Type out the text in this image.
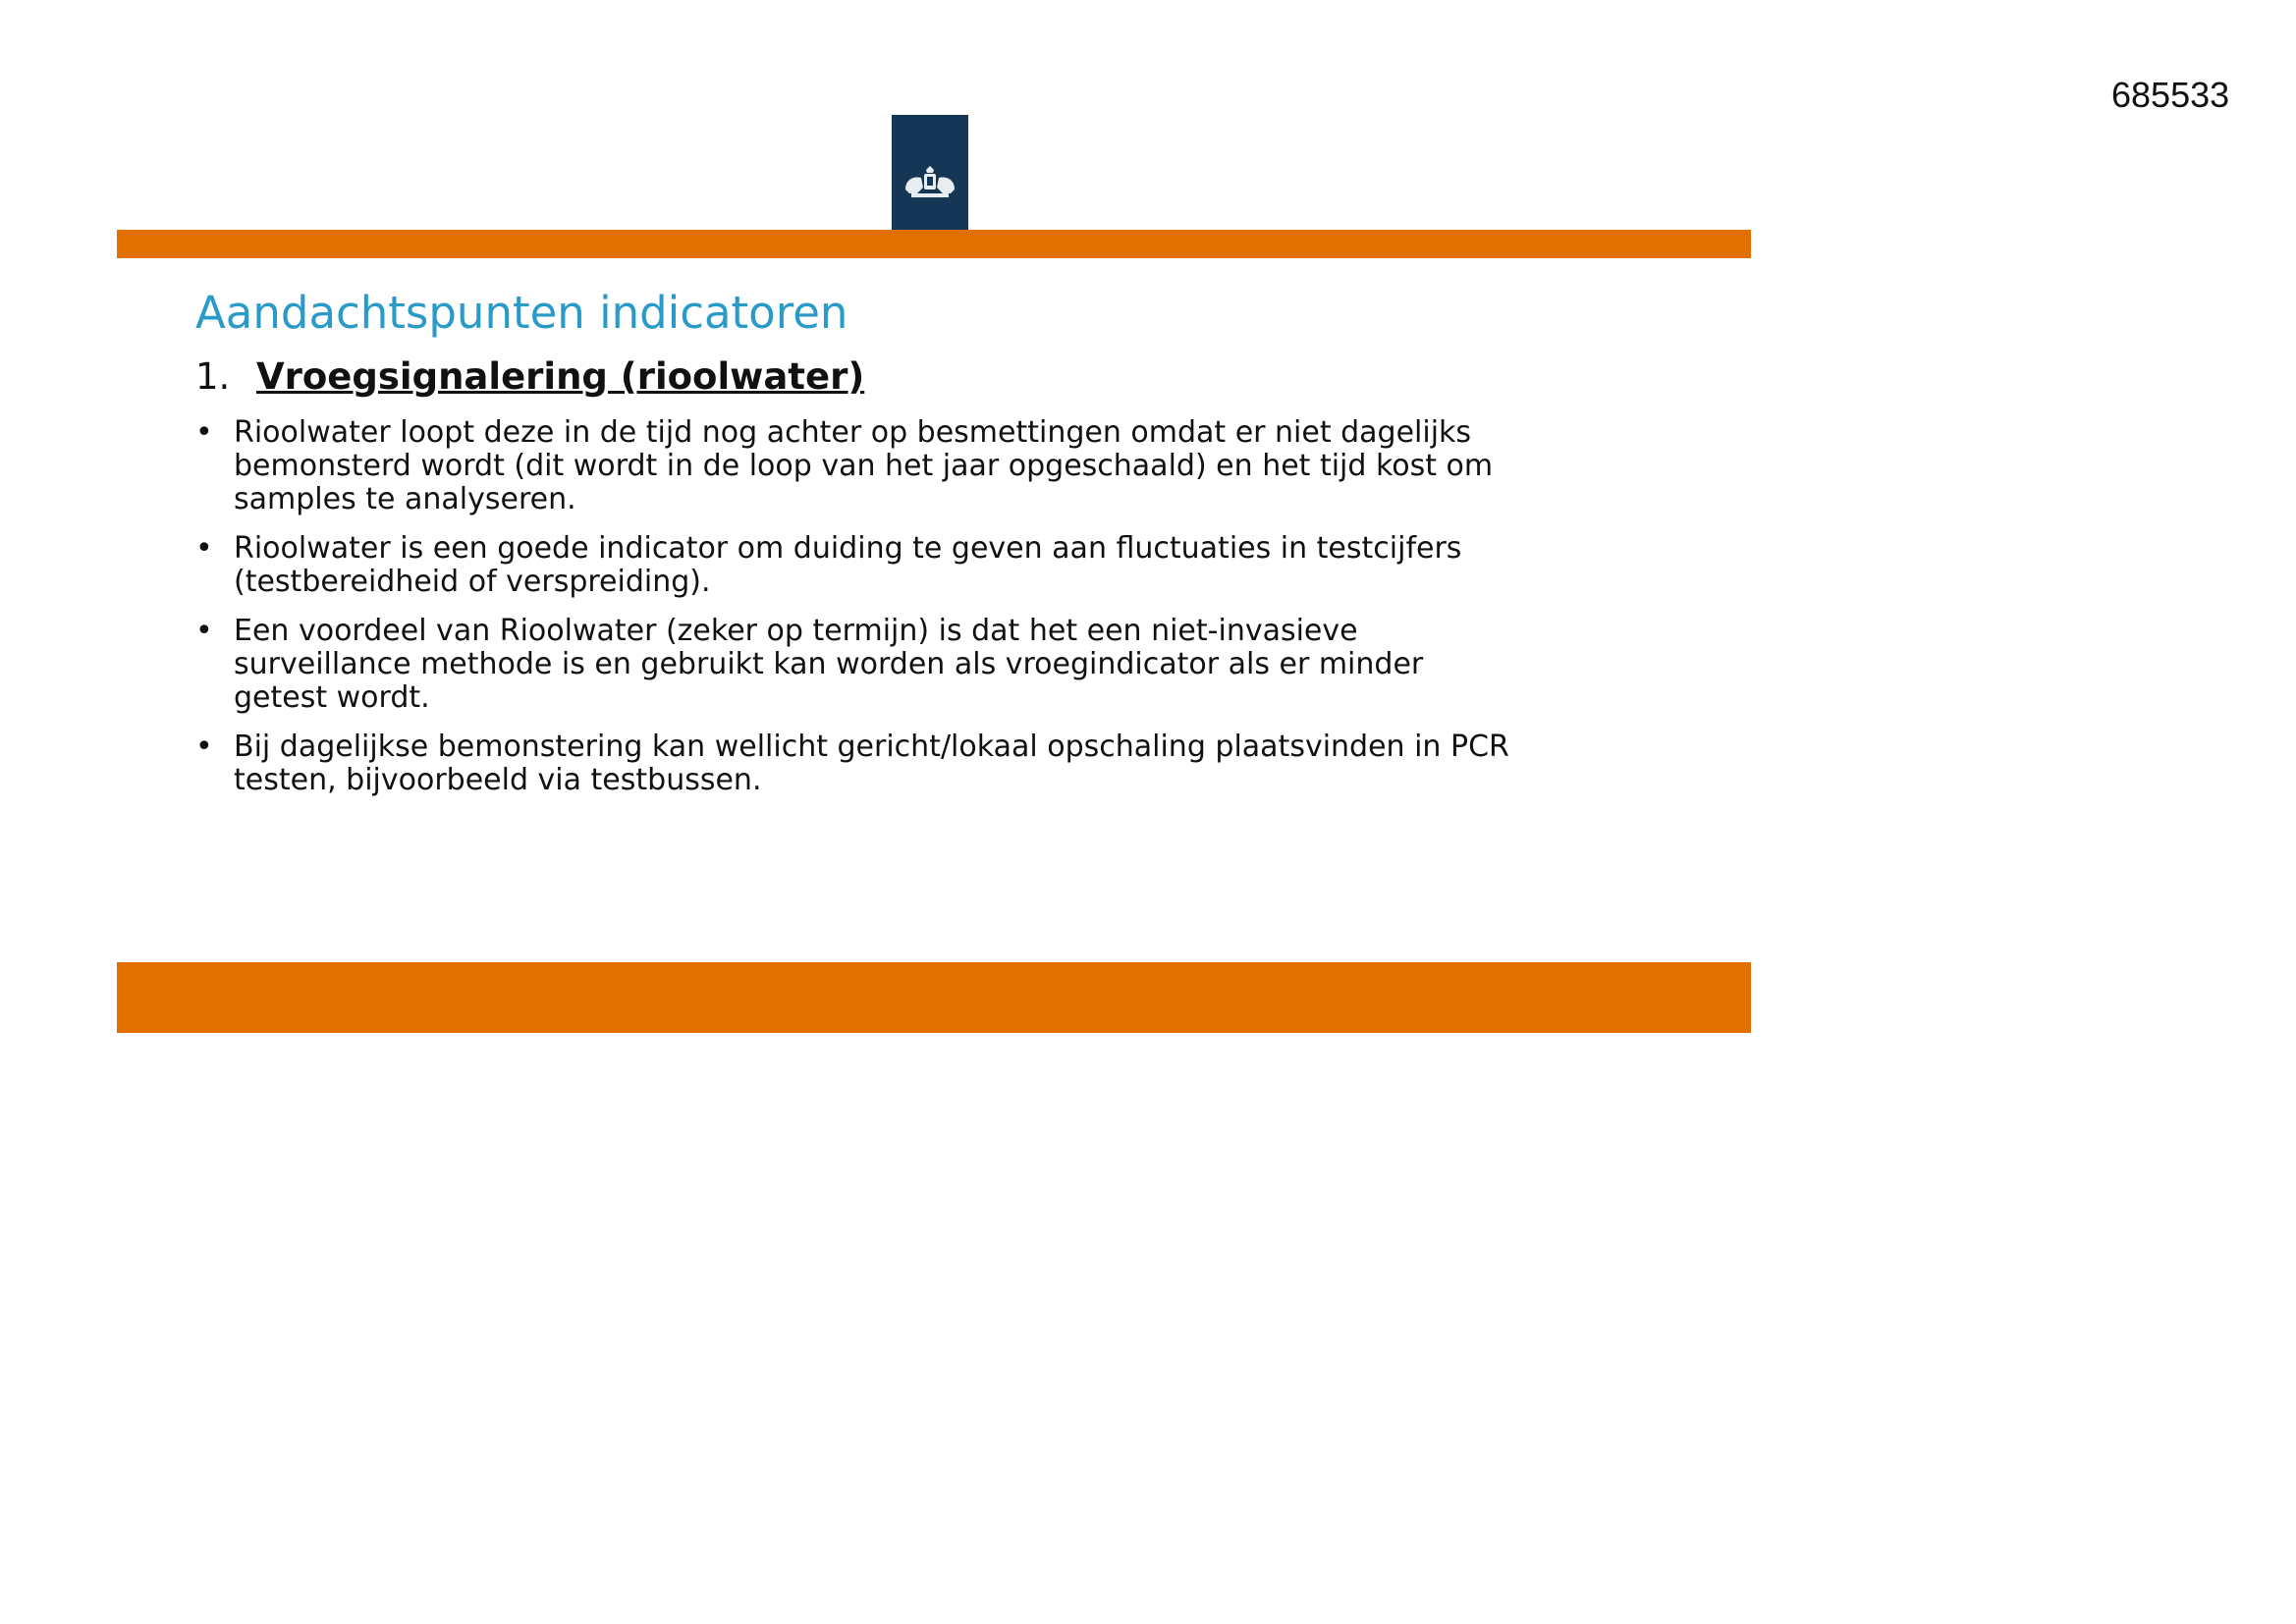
685533
Aandachtspunten indicatoren
1. Vroegsignalering (rioolwater)
• Rioolwater loopt deze in de tijd nog achter op besmettingen omdat er niet dagelijks
bemonsterd wordt (dit wordt in de loop van het jaar opgeschaald) en het tijd kost om
samples te analyseren.
• Rioolwater is een goede indicator om duiding te geven aan fluctuaties in testcijfers
(testbereidheid of verspreiding).
• Een voordeel van Rioolwater (zeker op termijn) is dat het een niet-invasieve
surveillance methode is en gebruikt kan worden als vroegindicator als er minder
getest wordt.
• Bij dagelijkse bemonstering kan wellicht gericht/lokaal opschaling plaatsvinden in PCR
testen, bijvoorbeeld via testbussen.
